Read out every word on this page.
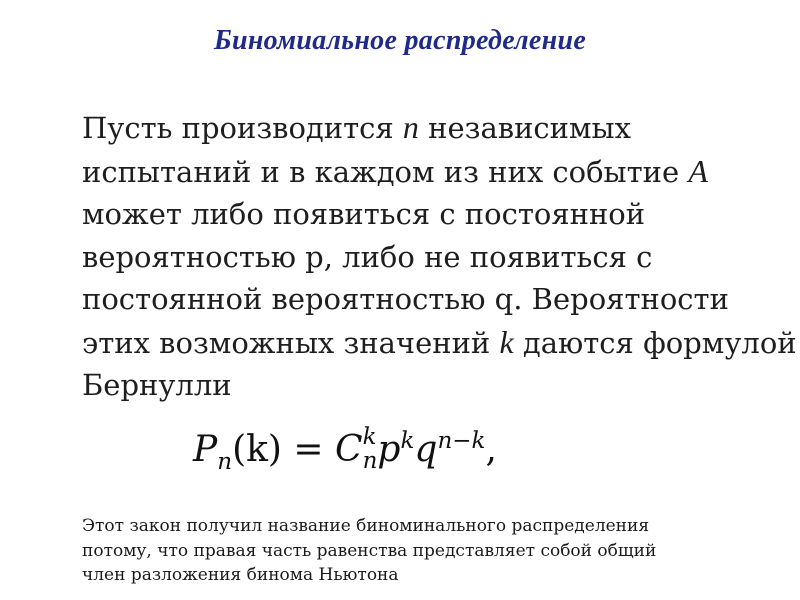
Биномиальное распределение
Пусть производится n независимых
испытаний и в каждом из них событие A
может либо появиться с постоянной
вероятностью p, либо не появиться с
постоянной вероятностью q. Вероятности
этих возможных значений k даются формулой
Бернулли
$P_n(k) = C$ k
n $p^kq^{n-k}$,
Этот закон получил название биноминального распределения
потому, что правая часть равенства представляет собой общий
член разложения бинома Ньютона
